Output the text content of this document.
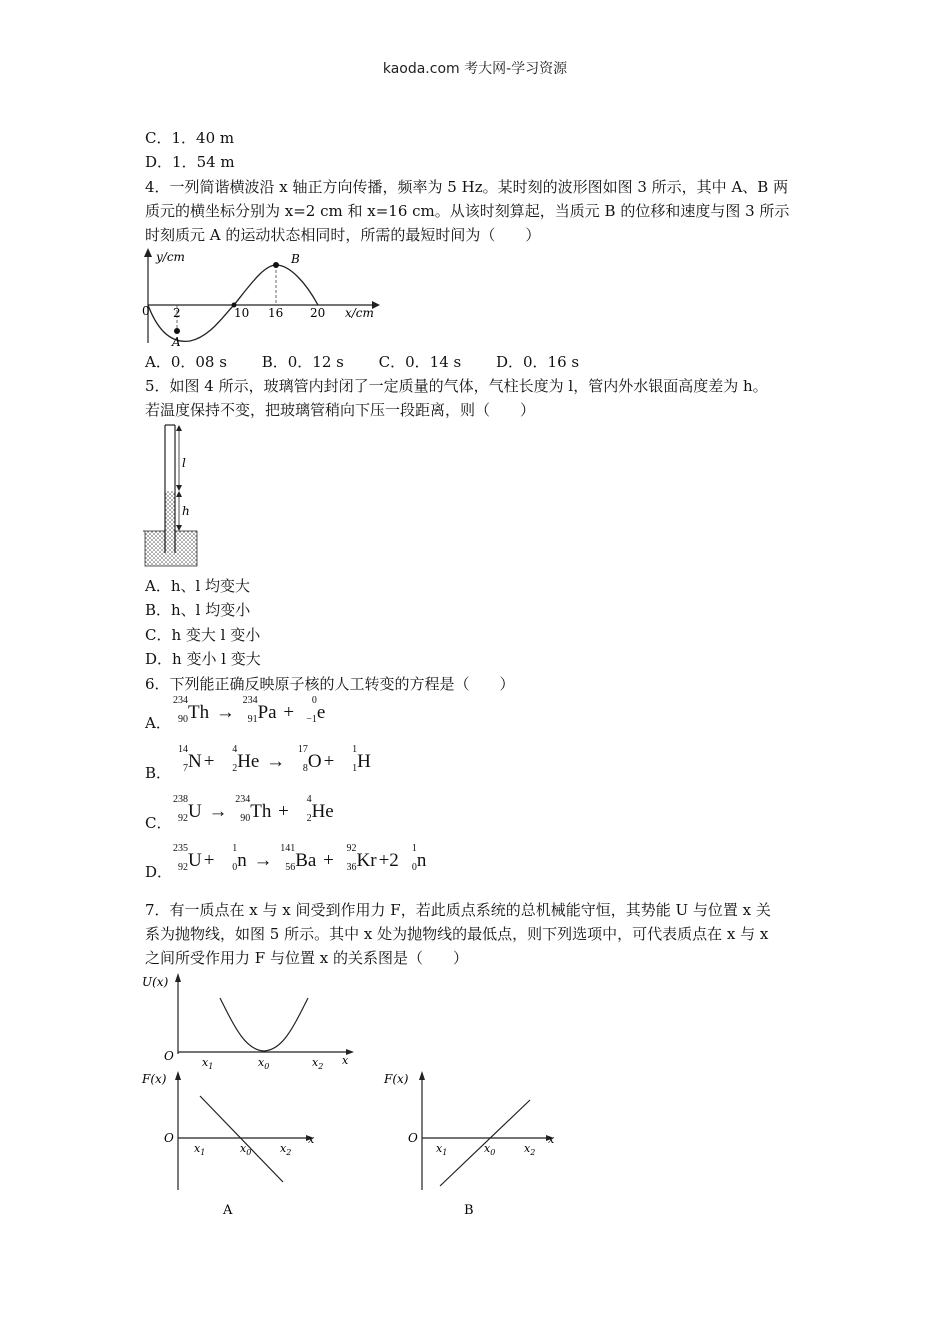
kaoda.com 考大网-学习资源
C．1．40 m
D．1．54 m
4．一列简谐横波沿 x 轴正方向传播，频率为 5 Hz。某时刻的波形图如图 3 所示，其中 A、B 两
质元的横坐标分别为 x=2 cm 和 x=16 cm。从该时刻算起，当质元 B 的位移和速度与图 3 所示
时刻质元 A 的运动状态相同时，所需的最短时间为（　　）
y/cm
0 2	10 16 20 x/cm
A
B
A．0．08 s B．0．12 s C．0．14 s D．0．16 s
5．如图 4 所示，玻璃管内封闭了一定质量的气体，气柱长度为 l，管内外水银面高度差为 h。
若温度保持不变，把玻璃管稍向下压一段距离，则（　　）
l
h
A．h、l 均变大
B．h、l 均变小
C．h 变大 l 变小
D．h 变小 l 变大
6．下列能正确反映原子核的人工转变的方程是（　　）
A．
234
90 Th →
234
91 Pa +
0
−1 e
B．
14
7 N +
4
2 He →
17
8 O +
1
1 H
C．
238
92 U →
234
90 Th +
4
2 He
D．
235
92 U +
1
0 n →
141
56 Ba +
92
36 Kr +2
1
0 n
7．有一质点在 x 与 x 间受到作用力 F，若此质点系统的总机械能守恒，其势能 U 与位置 x 关
系为抛物线，如图 5 所示。其中 x 处为抛物线的最低点，则下列选项中，可代表质点在 x 与 x
之间所受作用力 F 与位置 x 的关系图是（　　）
U(x)
O	$x_1$	$x_0$	$x_2$ x
F(x)
O
$x_1$	$x_0$	$x_2$
x
A
F(x)
O
$x_1$	$x_0$	$x_2$
x
B
